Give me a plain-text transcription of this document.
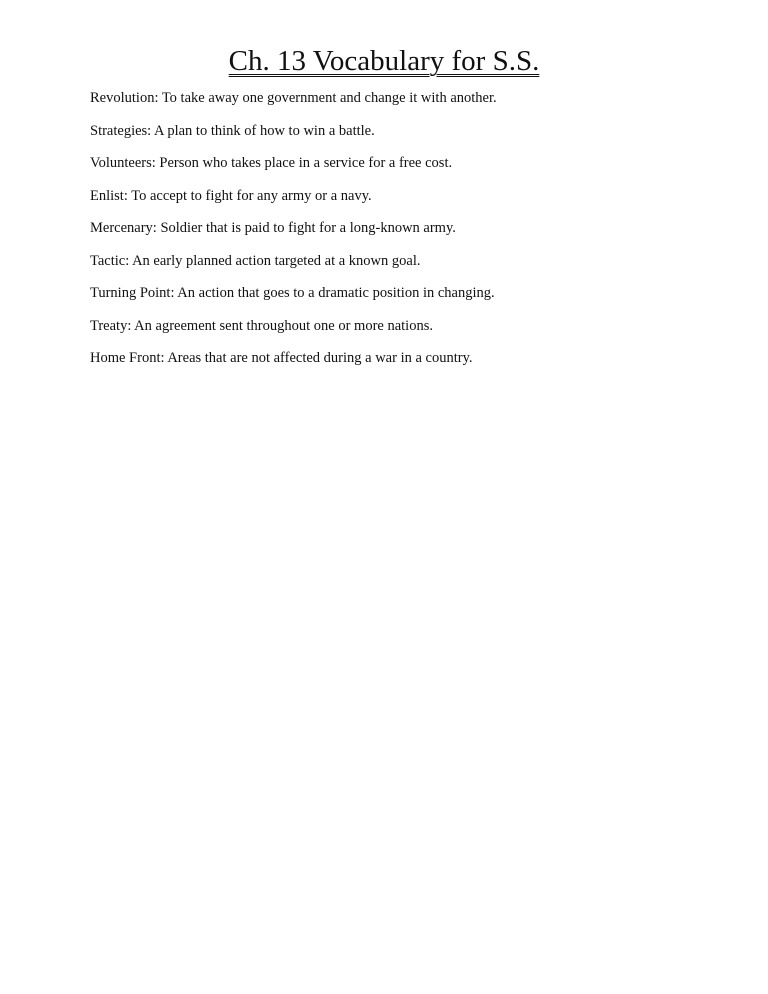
Ch. 13 Vocabulary for S.S.
Revolution: To take away one government and change it with another.
Strategies: A plan to think of how to win a battle.
Volunteers: Person who takes place in a service for a free cost.
Enlist: To accept to fight for any army or a navy.
Mercenary: Soldier that is paid to fight for a long-known army.
Tactic: An early planned action targeted at a known goal.
Turning Point: An action that goes to a dramatic position in changing.
Treaty: An agreement sent throughout one or more nations.
Home Front: Areas that are not affected during a war in a country.
